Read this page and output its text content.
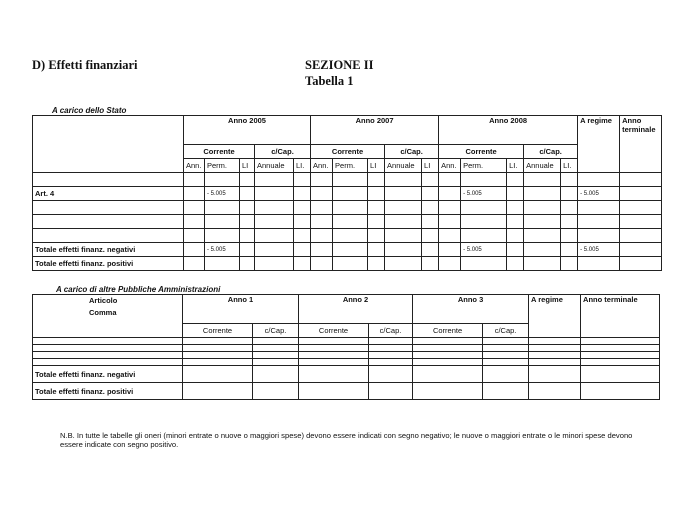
D) Effetti finanziari	SEZIONE II
Tabella 1
A carico dello Stato
	Anno 2005					Anno 2007					Anno 2008					A regime	Anno terminale
	Corrente			c/Cap.		Corrente			c/Cap.		Corrente			c/Cap.			
	Ann.	Perm.	LI	Annuale	LI.	Ann.	Perm.	LI	Annuale	LI	Ann.	Perm.	LI.	Annuale	LI.		

Art. 4		- 5.005										- 5.005				- 5.005	

Totale effetti finanz. negativi		- 5.005										- 5.005				- 5.005	
Totale effetti finanz. positivi																	
A carico di altre Pubbliche Amministrazioni
Articolo
Comma	Anno 1		Anno 2		Anno 3		A regime	Anno terminale
	Corrente	c/Cap.	Corrente	c/Cap.	Corrente	c/Cap.		

Totale effetti finanz. negativi								
Totale effetti finanz. positivi								
N.B. In tutte le tabelle gli oneri (minori entrate o nuove o maggiori spese) devono essere indicati con segno negativo; le nuove o maggiori entrate o le minori spese devono essere indicate con segno positivo.
